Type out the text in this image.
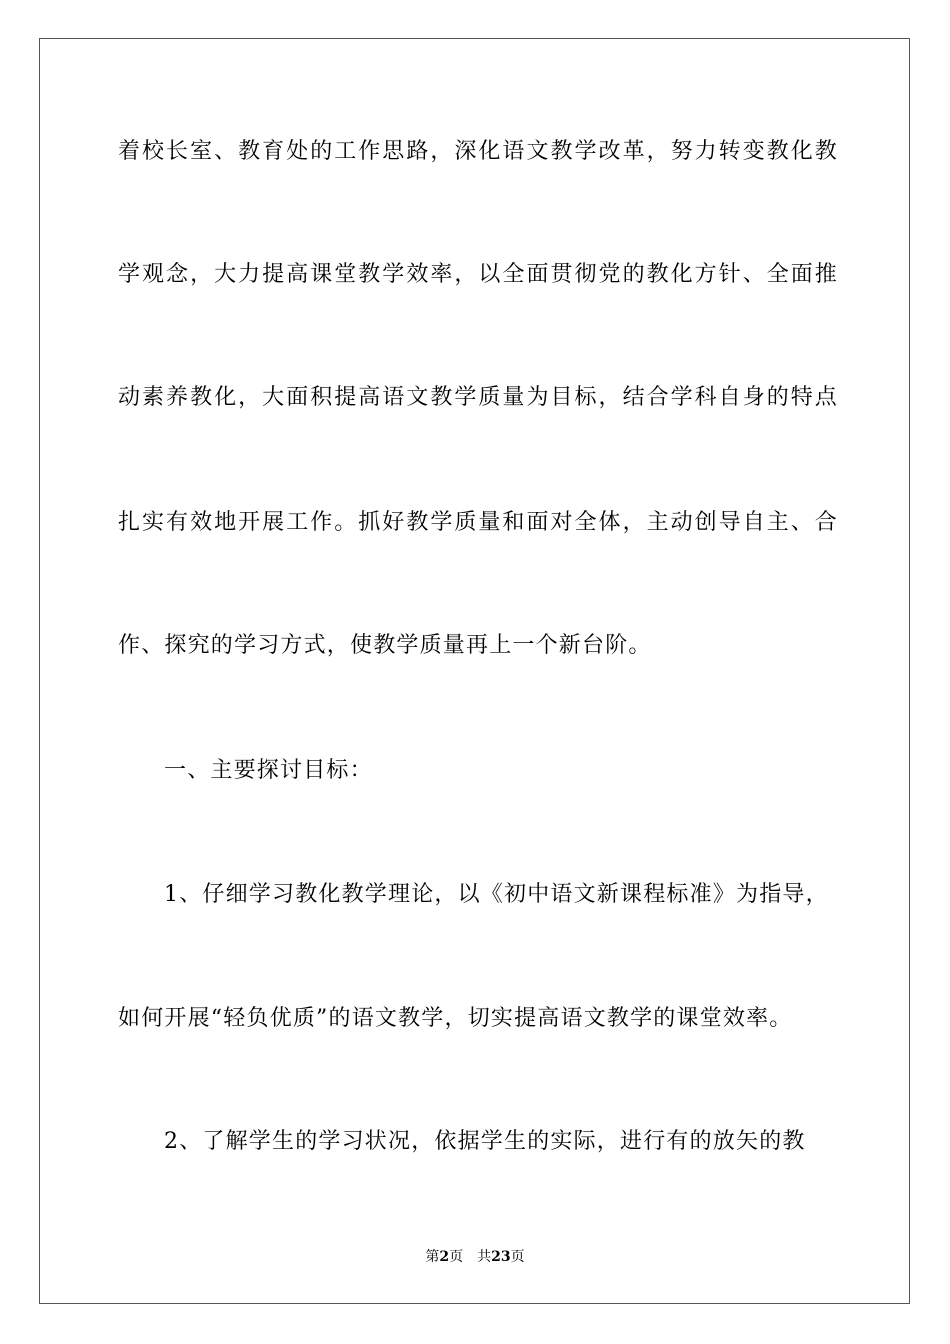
着校长室、教育处的工作思路，深化语文教学改革，努力转变教化教
学观念，大力提高课堂教学效率，以全面贯彻党的教化方针、全面推
动素养教化，大面积提高语文教学质量为目标，结合学科自身的特点
扎实有效地开展工作。抓好教学质量和面对全体，主动创导自主、合
作、探究的学习方式，使教学质量再上一个新台阶。
一、主要探讨目标：
1、仔细学习教化教学理论，以《初中语文新课程标准》为指导，
如何开展“轻负优质”的语文教学，切实提高语文教学的课堂效率。
2、了解学生的学习状况，依据学生的实际，进行有的放矢的教
第2页 共23页
